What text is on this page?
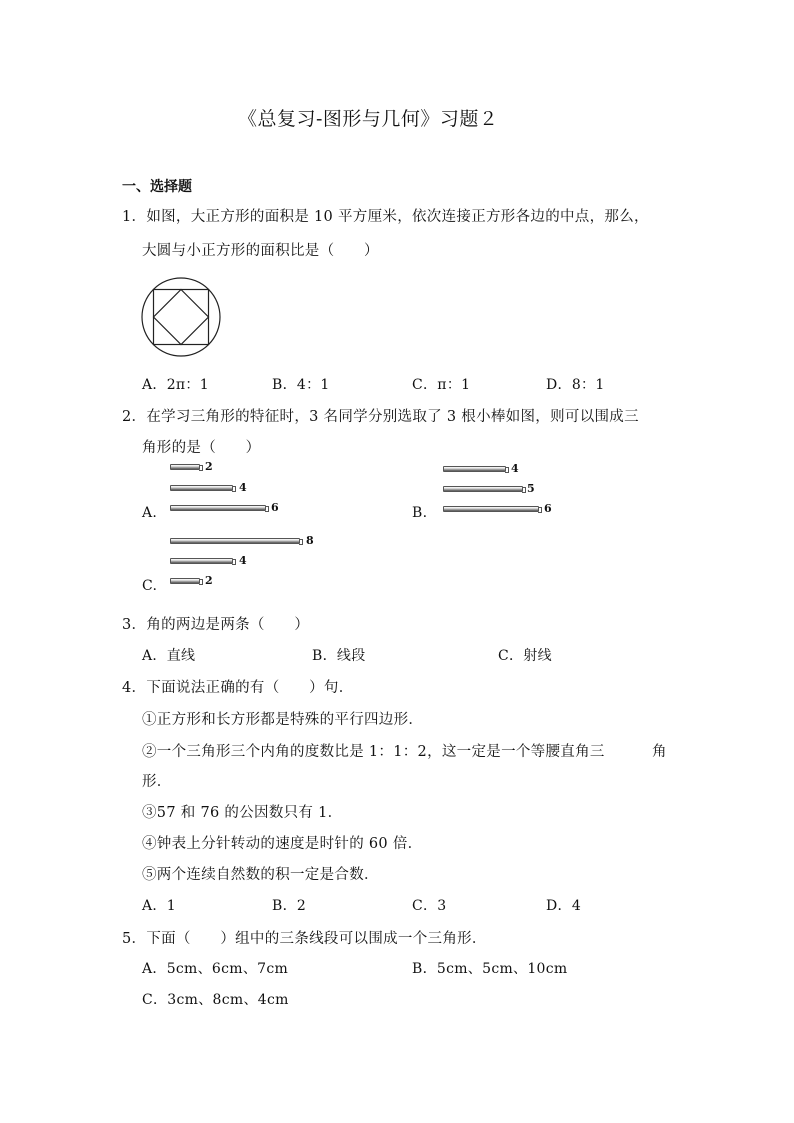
《总复习-图形与几何》习题２
一、选择题
1．如图，大正方形的面积是 10 平方厘米，依次连接正方形各边的中点，那么，
大圆与小正方形的面积比是（　　）
A．2π：1	B．4：1	C．π：1	D．8：1
2．在学习三角形的特征时，3 名同学分别选取了 3 根小棒如图，则可以围成三
角形的是（　　）
2
4
6
A.
4
5
6
B.
8
4
2
C.
3．角的两边是两条（　　）
A．直线	B．线段	C．射线
4．下面说法正确的有（　　）句．
①正方形和长方形都是特殊的平行四边形．
②一个三角形三个内角的度数比是 1：1：2，这一定是一个等腰直角三	角
形．
③57 和 76 的公因数只有 1．
④钟表上分针转动的速度是时针的 60 倍．
⑤两个连续自然数的积一定是合数．
A．1	B．2	C．3	D．4
5．下面（　　）组中的三条线段可以围成一个三角形．
A．5cm、6cm、7cm	B．5cm、5cm、10cm
C．3cm、8cm、4cm
